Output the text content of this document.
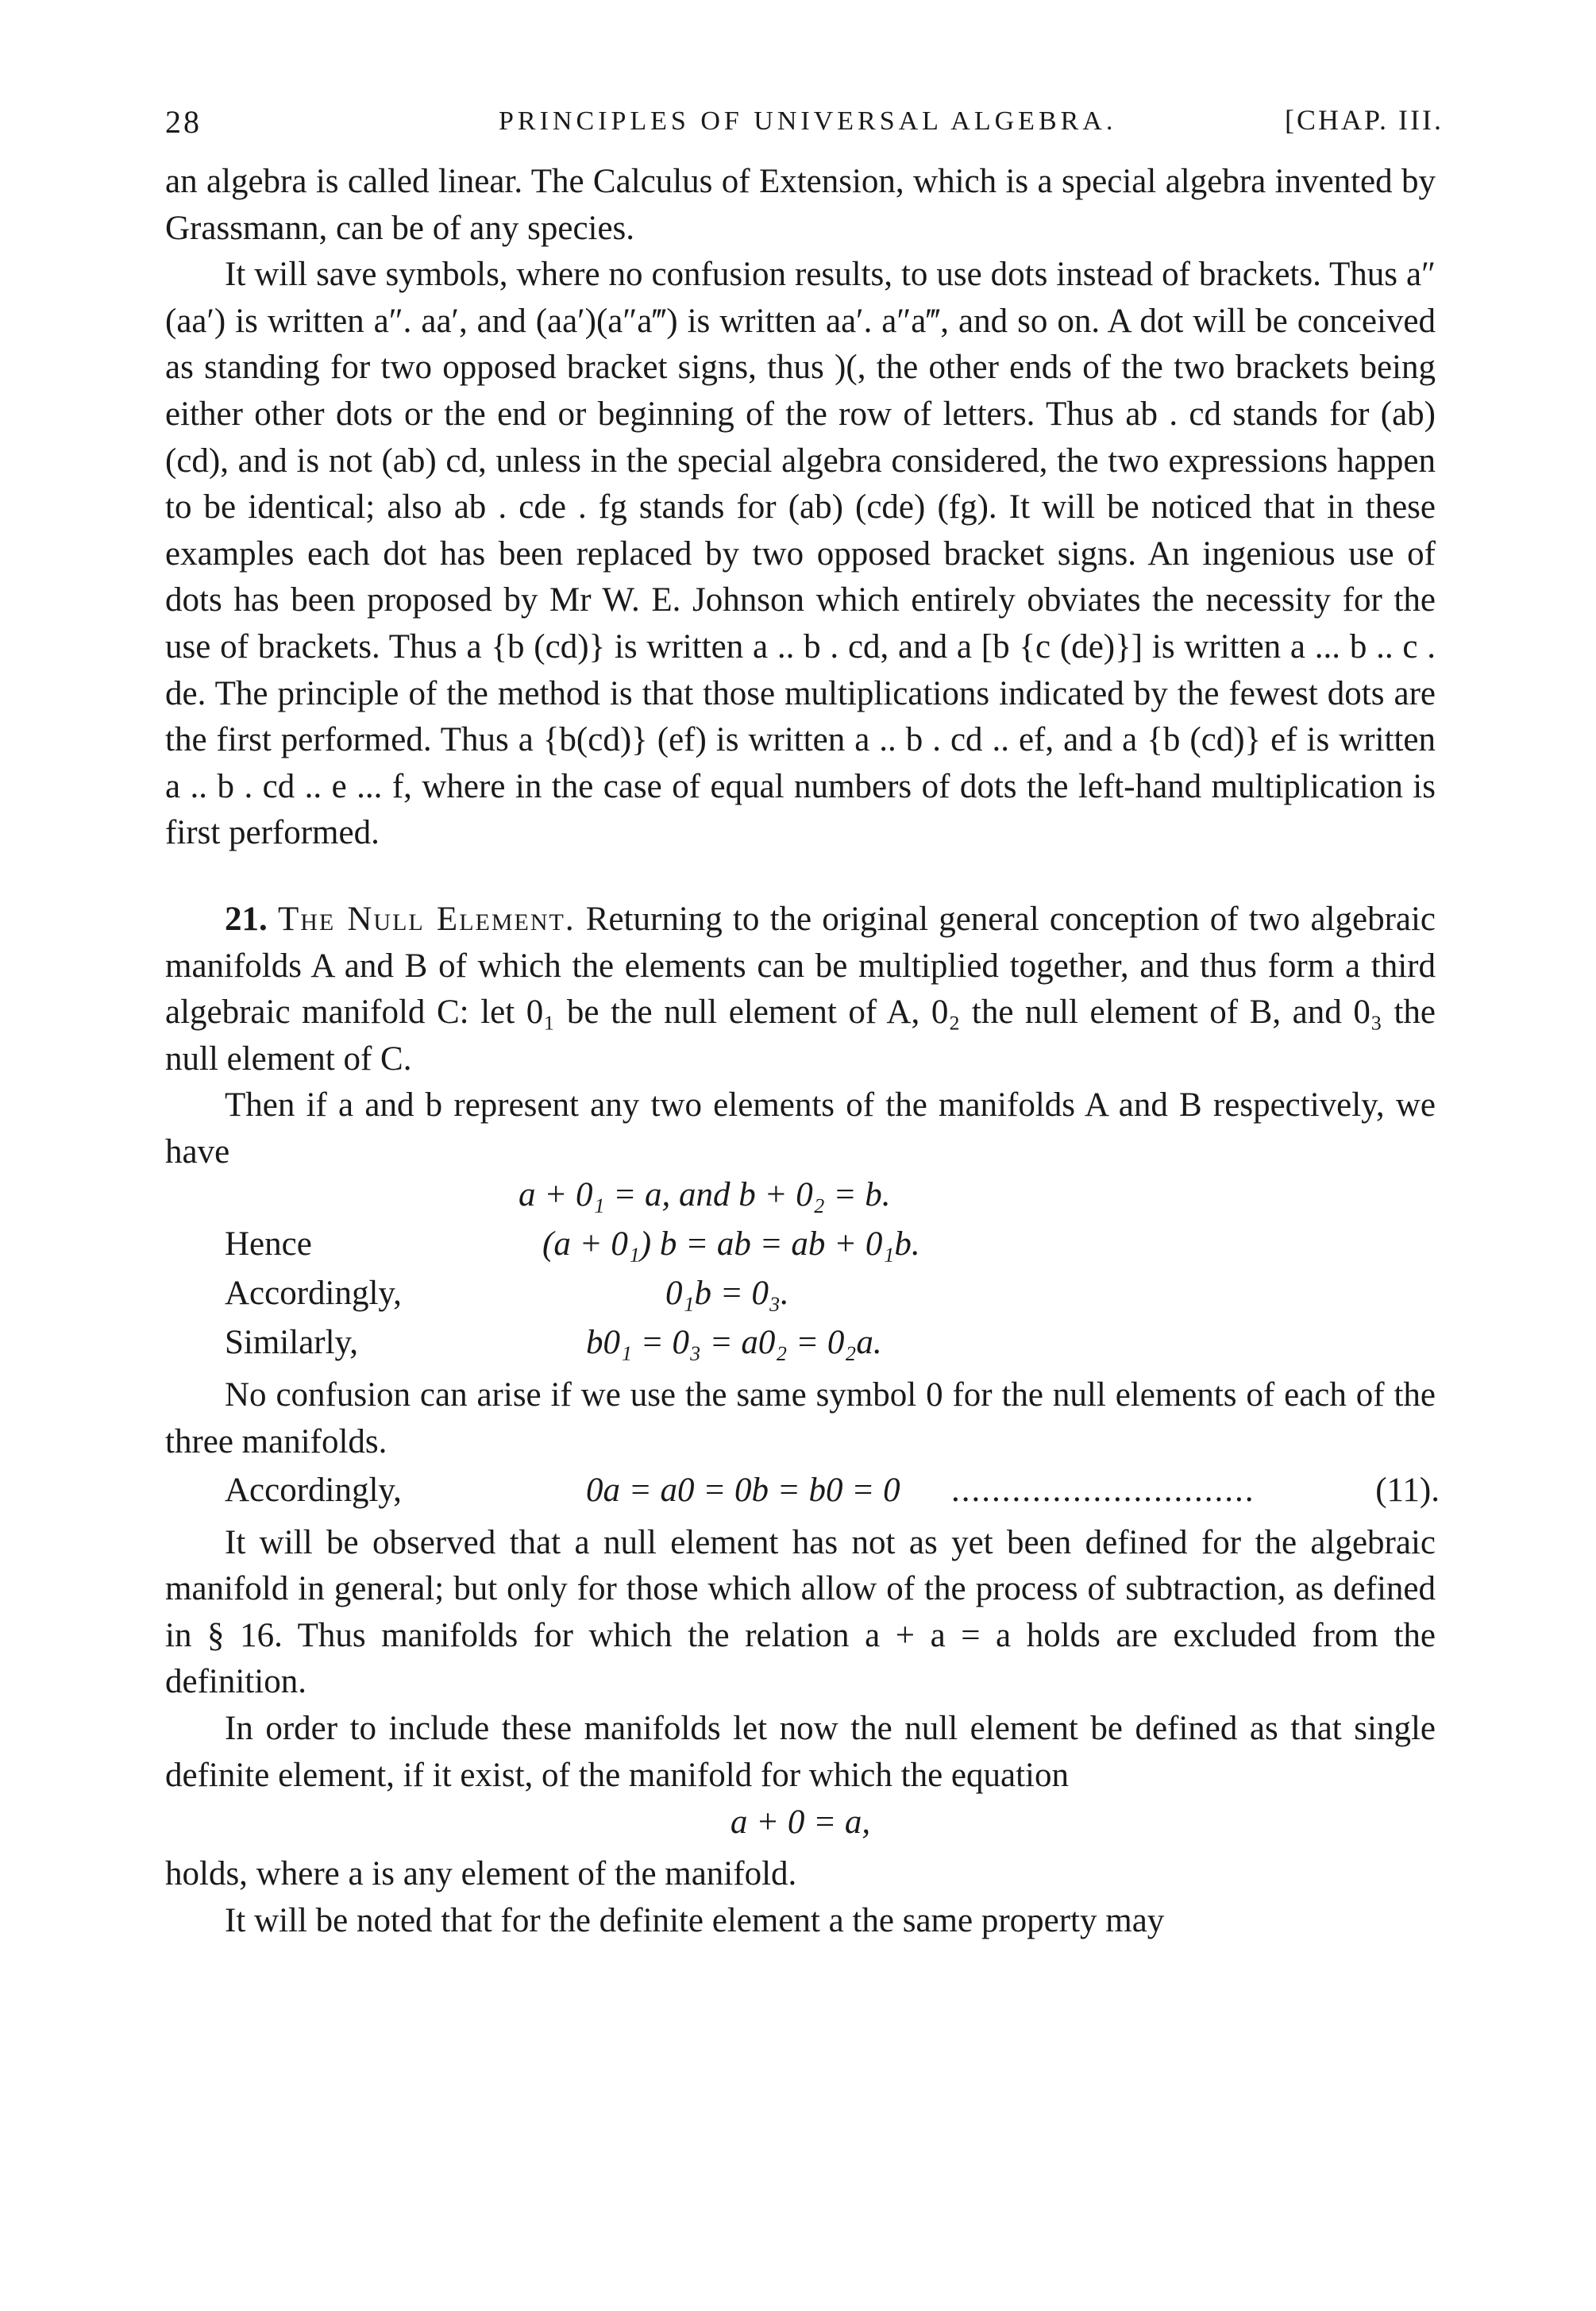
28	PRINCIPLES OF UNIVERSAL ALGEBRA.	[CHAP. III.

an algebra is called linear. The Calculus of Extension, which is a special algebra invented by Grassmann, can be of any species.

It will save symbols, where no confusion results, to use dots instead of brackets. Thus a″(aa′) is written a″. aa′, and (aa′)(a″a‴) is written aa′. a″a‴, and so on. A dot will be conceived as standing for two opposed bracket signs, thus )(, the other ends of the two brackets being either other dots or the end or beginning of the row of letters. Thus ab . cd stands for (ab) (cd), and is not (ab) cd, unless in the special algebra considered, the two expressions happen to be identical; also ab . cde . fg stands for (ab) (cde) (fg). It will be noticed that in these examples each dot has been replaced by two opposed bracket signs. An ingenious use of dots has been proposed by Mr W. E. Johnson which entirely obviates the necessity for the use of brackets. Thus a {b (cd)} is written a .. b . cd, and a [b {c (de)}] is written a ... b .. c . de. The principle of the method is that those multiplications indicated by the fewest dots are the first performed. Thus a {b(cd)} (ef) is written a .. b . cd .. ef, and a {b (cd)} ef is written a .. b . cd .. e ... f, where in the case of equal numbers of dots the left-hand multiplication is first performed.

21. The Null Element. Returning to the original general conception of two algebraic manifolds A and B of which the elements can be multiplied together, and thus form a third algebraic manifold C: let 0₁ be the null element of A, 0₂ the null element of B, and 0₃ the null element of C.

Then if a and b represent any two elements of the manifolds A and B respectively, we have

a + 0₁ = a, and b + 0₂ = b.
Hence	(a + 0₁) b = ab = ab + 0₁b.
Accordingly,	0₁b = 0₃.
Similarly,	b0₁ = 0₃ = a0₂ = 0₂a.

No confusion can arise if we use the same symbol 0 for the null elements of each of the three manifolds.

Accordingly,	0a = a0 = 0b = b0 = 0 ..............................	(11).

It will be observed that a null element has not as yet been defined for the algebraic manifold in general; but only for those which allow of the process of subtraction, as defined in § 16. Thus manifolds for which the relation a + a = a holds are excluded from the definition.

In order to include these manifolds let now the null element be defined as that single definite element, if it exist, of the manifold for which the equation

a + 0 = a,

holds, where a is any element of the manifold.

It will be noted that for the definite element a the same property may
